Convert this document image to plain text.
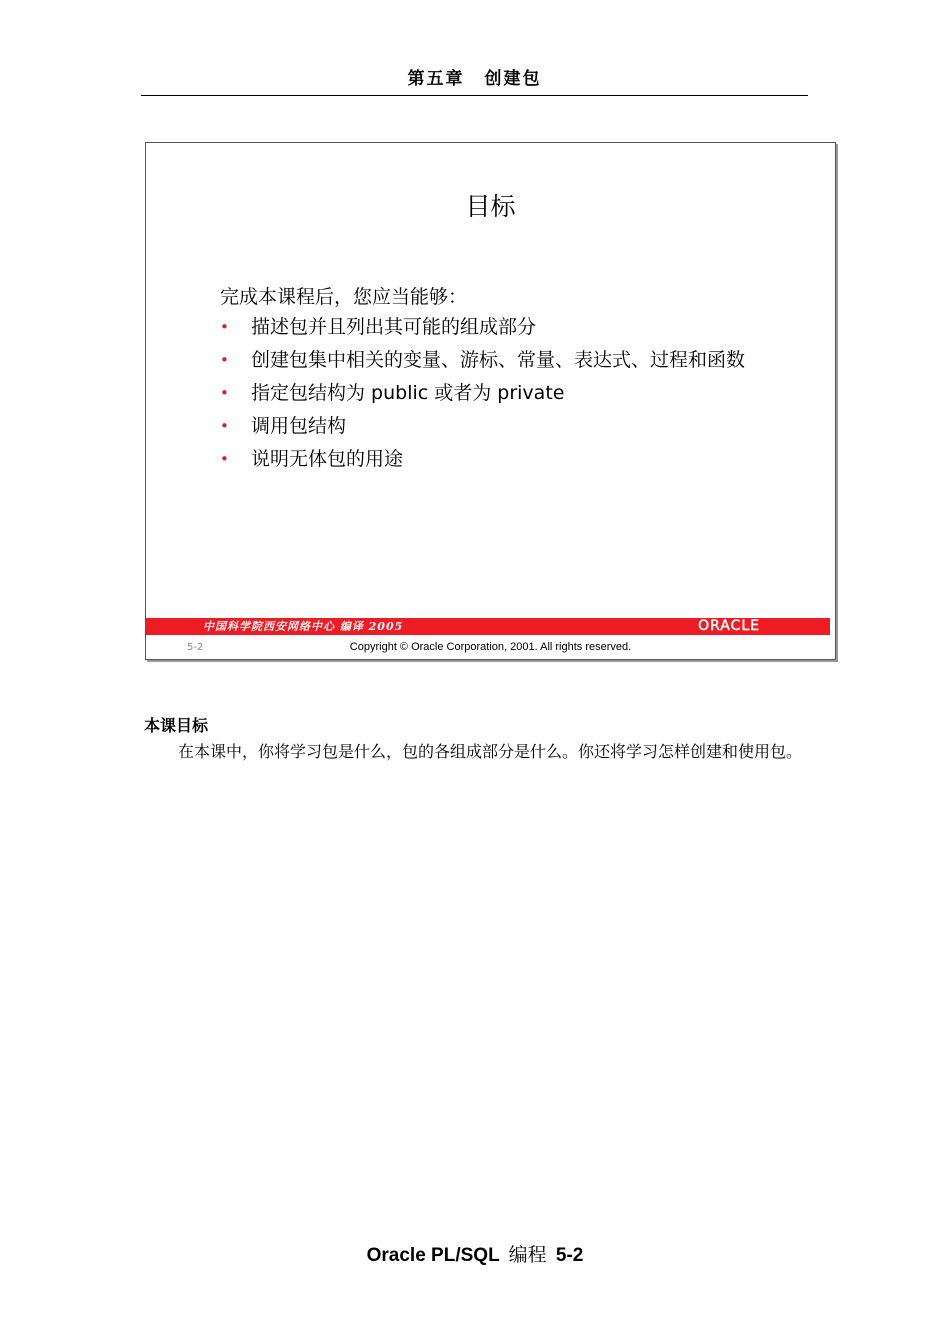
第五章 创建包
目标
完成本课程后，您应当能够：
• 描述包并且列出其可能的组成部分
• 创建包集中相关的变量、游标、常量、表达式、过程和函数
• 指定包结构为 public 或者为 private
• 调用包结构
• 说明无体包的用途
中国科学院西安网络中心 编译 2005	ORACLE
5-2	Copyright © Oracle Corporation, 2001. All rights reserved.
本课目标

在本课中，你将学习包是什么，包的各组成部分是什么。你还将学习怎样创建和使用包。

Oracle PL/SQL 编程 5-2
